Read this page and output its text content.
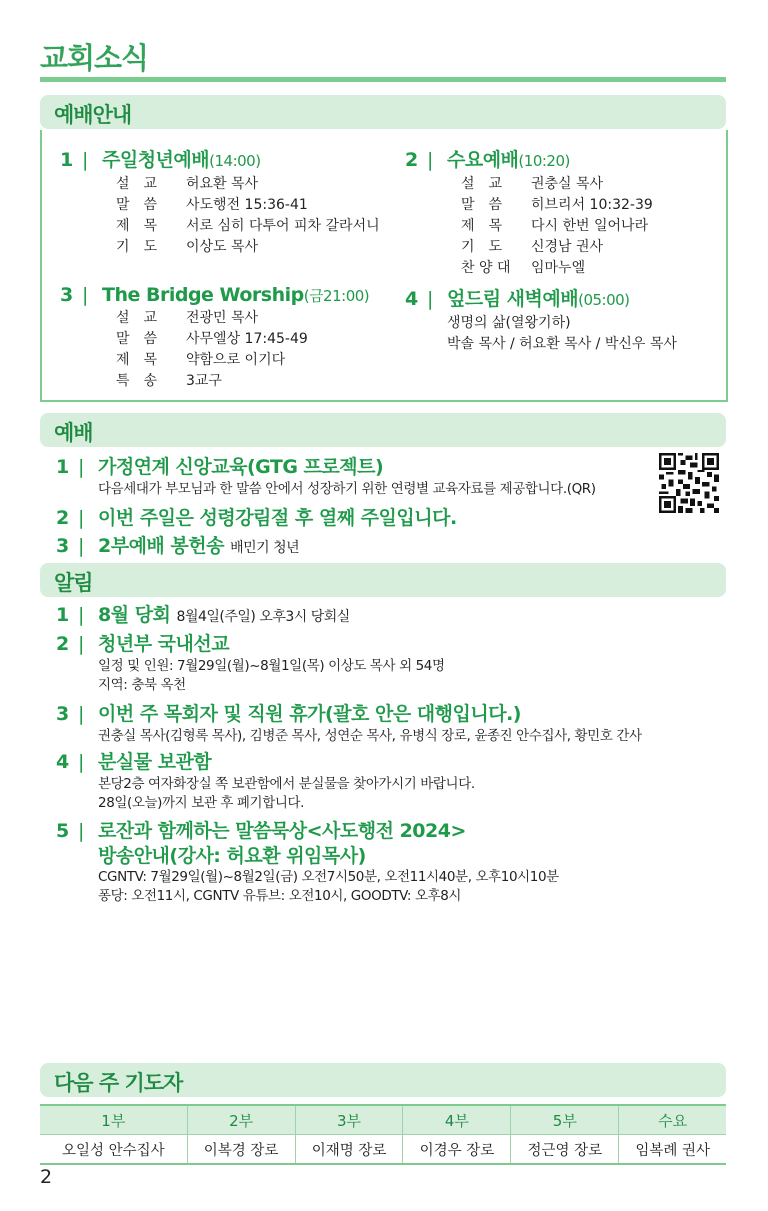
교회소식
예배안내
1 | 주일청년예배(14:00)
설　교 허요환 목사
말　씀 사도행전 15:36-41
제　목 서로 심히 다투어 피차 갈라서니
기　도 이상도 목사
2 | 수요예배(10:20)
설　교 권충실 목사
말　씀 히브리서 10:32-39
제　목 다시 한번 일어나라
기　도 신경남 권사
찬 양 대 임마누엘
3 | The Bridge Worship(금21:00)
설　교 전광민 목사
말　씀 사무엘상 17:45-49
제　목 약함으로 이기다
특　송 3교구
4 | 엎드림 새벽예배(05:00)
생명의 삶(열왕기하)
박솔 목사 / 허요환 목사 / 박신우 목사
예배
1 | 가정연계 신앙교육(GTG 프로젝트)
다음세대가 부모님과 한 말씀 안에서 성장하기 위한 연령별 교육자료를 제공합니다.(QR)
2 | 이번 주일은 성령강림절 후 열째 주일입니다.
3 | 2부예배 봉헌송 배민기 청년
알림
1 | 8월 당회 8월4일(주일) 오후3시 당회실
2 | 청년부 국내선교
일정 및 인원: 7월29일(월)~8월1일(목) 이상도 목사 외 54명
지역: 충북 옥천
3 | 이번 주 목회자 및 직원 휴가(괄호 안은 대행입니다.)
권충실 목사(김형록 목사), 김병준 목사, 성연순 목사, 유병식 장로, 윤종진 안수집사, 황민호 간사
4 | 분실물 보관함
본당2층 여자화장실 쪽 보관함에서 분실물을 찾아가시기 바랍니다.
28일(오늘)까지 보관 후 폐기합니다.
5 | 로잔과 함께하는 말씀묵상<사도행전 2024>
방송안내(강사: 허요환 위임목사)
CGNTV: 7월29일(월)~8월2일(금) 오전7시50분, 오전11시40분, 오후10시10분
퐁당: 오전11시, CGNTV 유튜브: 오전10시, GOODTV: 오후8시
다음 주 기도자
1부	2부	3부	4부	5부	수요
오일성 안수집사	이복경 장로	이재명 장로	이경우 장로	정근영 장로	임복례 권사
2
